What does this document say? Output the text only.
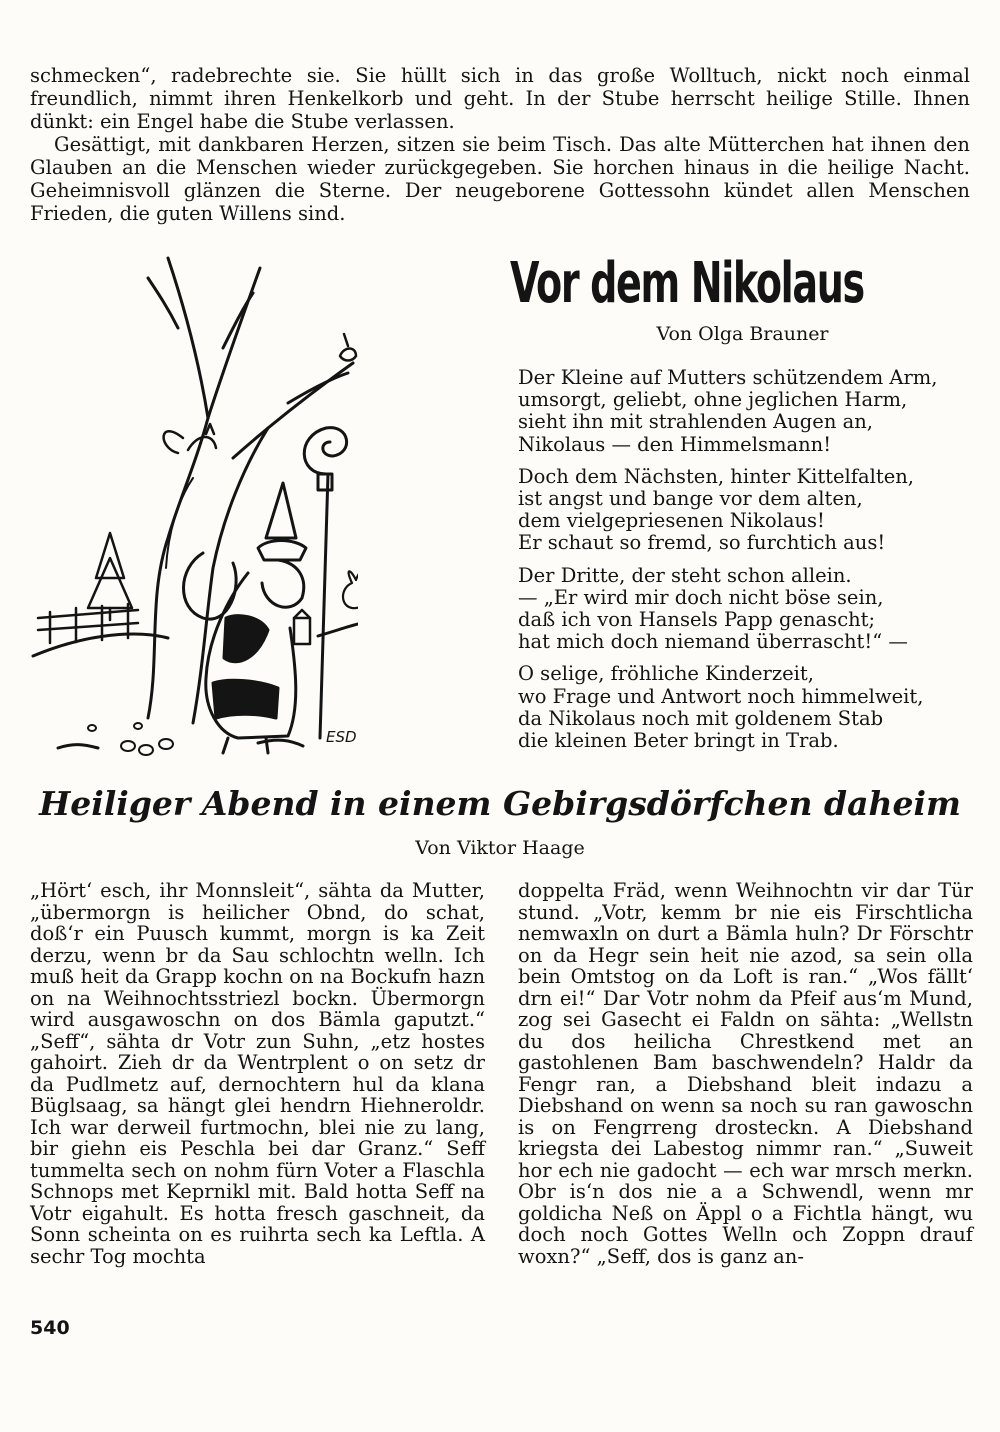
schmecken“, radebrechte sie. Sie hüllt sich in das große Wolltuch, nickt noch einmal freundlich, nimmt ihren Henkelkorb und geht. In der Stube herrscht heilige Stille. Ihnen dünkt: ein Engel habe die Stube verlassen.

Gesättigt, mit dankbaren Herzen, sitzen sie beim Tisch. Das alte Mütterchen hat ihnen den Glauben an die Menschen wieder zurückgegeben. Sie horchen hinaus in die heilige Nacht. Geheimnisvoll glänzen die Sterne. Der neugeborene Gottessohn kündet allen Menschen Frieden, die guten Willens sind.

ESD
Vor dem Nikolaus
Von Olga Brauner
Der Kleine auf Mutters schützendem Arm,
umsorgt, geliebt, ohne jeglichen Harm,
sieht ihn mit strahlenden Augen an,
Nikolaus — den Himmelsmann!
Doch dem Nächsten, hinter Kittelfalten,
ist angst und bange vor dem alten,
dem vielgepriesenen Nikolaus!
Er schaut so fremd, so furchtich aus!
Der Dritte, der steht schon allein.
— „Er wird mir doch nicht böse sein,
daß ich von Hansels Papp genascht;
hat mich doch niemand überrascht!“ —
O selige, fröhliche Kinderzeit,
wo Frage und Antwort noch himmelweit,
da Nikolaus noch mit goldenem Stab
die kleinen Beter bringt in Trab.
Heiliger Abend in einem Gebirgsdörfchen daheim
Von Viktor Haage

„Hört‘ esch, ihr Monnsleit“, sähta da Mutter, „übermorgn is heilicher Obnd, do schat, doß‘r ein Puusch kummt, morgn is ka Zeit derzu, wenn br da Sau schlochtn welln. Ich muß heit da Grapp kochn on na Bockufn hazn on na Weihnochtsstriezl bockn. Übermorgn wird ausgawoschn on dos Bämla gaputzt.“ „Seff“, sähta dr Votr zun Suhn, „etz hostes gahoirt. Zieh dr da Wentrplent o on setz dr da Pudlmetz auf, dernochtern hul da klana Büglsaag, sa hängt glei hendrn Hiehneroldr. Ich war derweil furtmochn, blei nie zu lang, bir giehn eis Peschla bei dar Granz.“ Seff tummelta sech on nohm fürn Voter a Flaschla Schnops met Keprnikl mit. Bald hotta Seff na Votr eigahult. Es hotta fresch gaschneit, da Sonn scheinta on es ruihrta sech ka Leftla. A sechr Tog mochta

doppelta Fräd, wenn Weihnochtn vir dar Tür stund. „Votr, kemm br nie eis Firschtlicha nemwaxln on durt a Bämla huln? Dr Förschtr on da Hegr sein heit nie azod, sa sein olla bein Omtstog on da Loft is ran.“ „Wos fällt‘ drn ei!“ Dar Votr nohm da Pfeif aus‘m Mund, zog sei Gasecht ei Faldn on sähta: „Wellstn du dos heilicha Chrestkend met an gastohlenen Bam baschwendeln? Haldr da Fengr ran, a Diebshand bleit indazu a Diebshand on wenn sa noch su ran gawoschn is on Fengrreng drosteckn. A Diebshand kriegsta dei Labestog nimmr ran.“ „Suweit hor ech nie gadocht — ech war mrsch merkn. Obr is‘n dos nie a a Schwendl, wenn mr goldicha Neß on Äppl o a Fichtla hängt, wu doch noch Gottes Welln och Zoppn drauf woxn?“ „Seff, dos is ganz an-

540
